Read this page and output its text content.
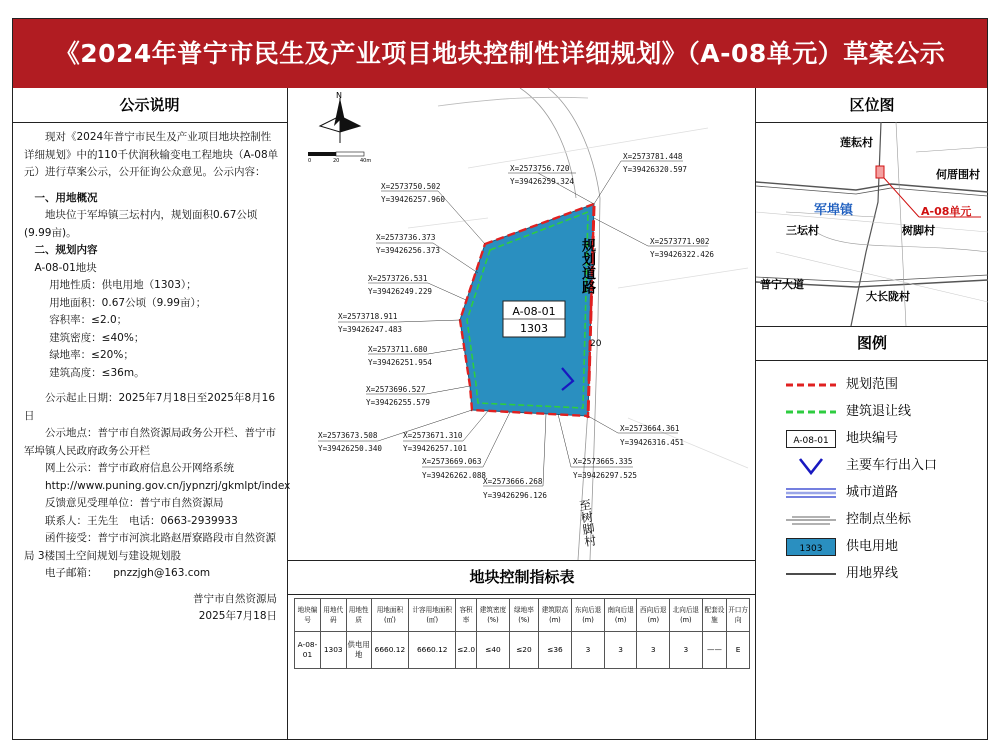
《2024年普宁市民生及产业项目地块控制性详细规划》（A-08单元）草案公示
公示说明

现对《2024年普宁市民生及产业项目地块控制性详细规划》中的110千伏润秋输变电工程地块（A-08单元）进行草案公示，公开征询公众意见。公示内容：

一、用地概况

地块位于军埠镇三坛村内，规划面积0.67公顷(9.99亩)。

二、规划内容

A-08-01地块

用地性质：供电用地（1303）；

用地面积：0.67公顷（9.99亩）；

容积率：≤2.0；

建筑密度：≤40%；

绿地率：≤20%；

建筑高度：≤36m。

公示起止日期：2025年7月18日至2025年8月16日

公示地点：普宁市自然资源局政务公开栏、普宁市军埠镇人民政府政务公开栏

网上公示：普宁市政府信息公开网络系统

http://www.puning.gov.cn/jypnzrj/gkmlpt/index

反馈意见受理单位：普宁市自然资源局

联系人：王先生　电话：0663-2939933

函件接受：普宁市河滨北路赵厝寮路段市自然资源局 3楼国土空间规划与建设规划股

电子邮箱：　　pnzzjgh@163.com

普宁市自然资源局

2025年7月18日

A-08-01
1303
规划道路
20
至树脚村
N
0	20	40m
X=2573756.720
Y=39426259.324
X=2573781.448
Y=39426320.597
X=2573750.502
Y=39426257.960
X=2573771.902
Y=39426322.426
X=2573736.373
Y=39426256.373
X=2573726.531
Y=39426249.229
X=2573718.911
Y=39426247.483
X=2573711.680
Y=39426251.954
X=2573696.527
Y=39426255.579
X=2573673.508
Y=39426250.340
X=2573671.310
Y=39426257.101
X=2573669.063
Y=39426262.088
X=2573664.361
Y=39426316.451
X=2573665.335
Y=39426297.525
X=2573666.268
Y=39426296.126
地块控制指标表
地块编号	用地代码	用地性质	用地面积(㎡)	计容用地面积(㎡)	容积率	建筑密度(%)	绿地率(%)	建筑限高(m)	东向后退(m)	南向后退(m)	西向后退(m)	北向后退(m)	配套设施	开口方向
A-08-01	1303	供电用地	6660.12	6660.12	≤2.0	≤40	≤20	≤36	3	3	3	3	——	E
区位图
莲耘村
何厝围村
军埠镇	A-08单元
三坛村	树脚村
普宁大道
大长陇村
图例
规划范围
建筑退让线
A-08-01 地块编号
主要车行出入口
城市道路
控制点坐标
1303 供电用地
用地界线
